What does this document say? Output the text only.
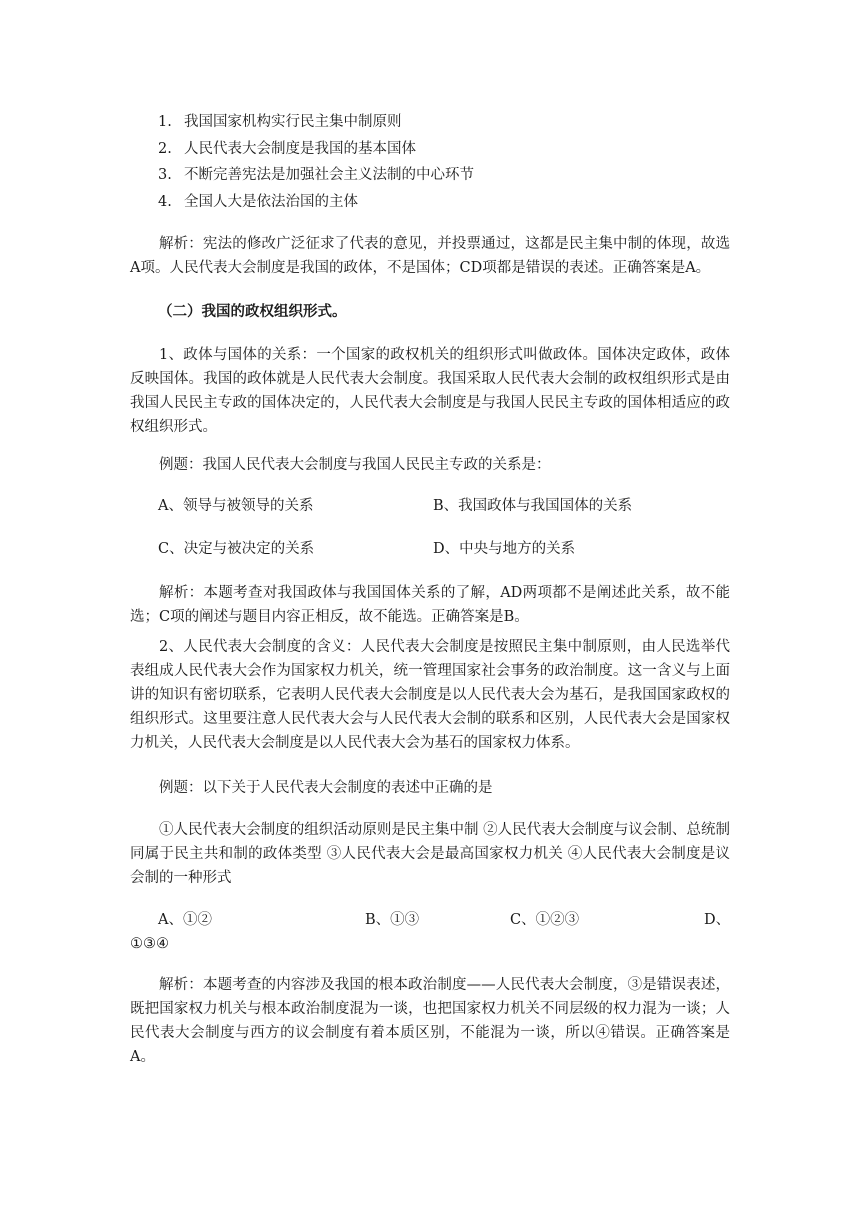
1. 我国国家机构实行民主集中制原则
2. 人民代表大会制度是我国的基本国体
3. 不断完善宪法是加强社会主义法制的中心环节
4. 全国人大是依法治国的主体

解析：宪法的修改广泛征求了代表的意见，并投票通过，这都是民主集中制的体现，故选A项。人民代表大会制度是我国的政体，不是国体；CD项都是错误的表述。正确答案是A。

（二）我国的政权组织形式。

1、政体与国体的关系：一个国家的政权机关的组织形式叫做政体。国体决定政体，政体反映国体。我国的政体就是人民代表大会制度。我国采取人民代表大会制的政权组织形式是由我国人民民主专政的国体决定的，人民代表大会制度是与我国人民民主专政的国体相适应的政权组织形式。

例题：我国人民代表大会制度与我国人民民主专政的关系是：

A、领导与被领导的关系	B、我国政体与我国国体的关系
C、决定与被决定的关系	D、中央与地方的关系

解析：本题考查对我国政体与我国国体关系的了解，AD两项都不是阐述此关系，故不能选；C项的阐述与题目内容正相反，故不能选。正确答案是B。

2、人民代表大会制度的含义：人民代表大会制度是按照民主集中制原则，由人民选举代表组成人民代表大会作为国家权力机关，统一管理国家社会事务的政治制度。这一含义与上面讲的知识有密切联系，它表明人民代表大会制度是以人民代表大会为基石，是我国国家政权的组织形式。这里要注意人民代表大会与人民代表大会制的联系和区别，人民代表大会是国家权力机关，人民代表大会制度是以人民代表大会为基石的国家权力体系。

例题：以下关于人民代表大会制度的表述中正确的是

①人民代表大会制度的组织活动原则是民主集中制 ②人民代表大会制度与议会制、总统制同属于民主共和制的政体类型 ③人民代表大会是最高国家权力机关 ④人民代表大会制度是议会制的一种形式

A、①②	B、①③	C、①②③	D、
①③④

解析：本题考查的内容涉及我国的根本政治制度——人民代表大会制度，③是错误表述，既把国家权力机关与根本政治制度混为一谈，也把国家权力机关不同层级的权力混为一谈；人民代表大会制度与西方的议会制度有着本质区别，不能混为一谈，所以④错误。正确答案是A。
